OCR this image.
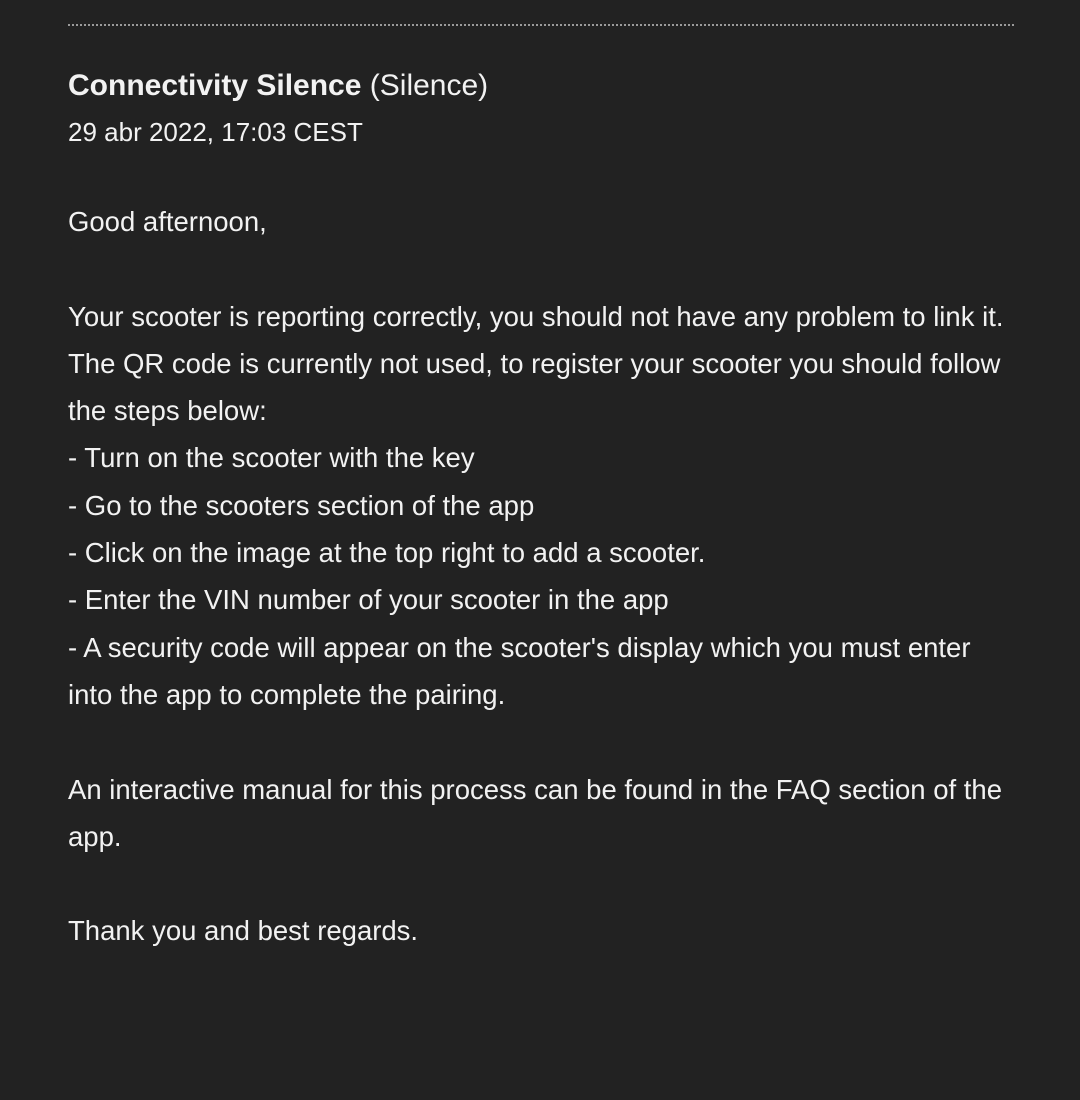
Connectivity Silence (Silence)
29 abr 2022, 17:03 CEST

Good afternoon,

Your scooter is reporting correctly, you should not have any problem to link it.

The QR code is currently not used, to register your scooter you should follow the steps below:

- Turn on the scooter with the key

- Go to the scooters section of the app

- Click on the image at the top right to add a scooter.

- Enter the VIN number of your scooter in the app

- A security code will appear on the scooter's display which you must enter into the app to complete the pairing.

An interactive manual for this process can be found in the FAQ section of the app.

Thank you and best regards.
